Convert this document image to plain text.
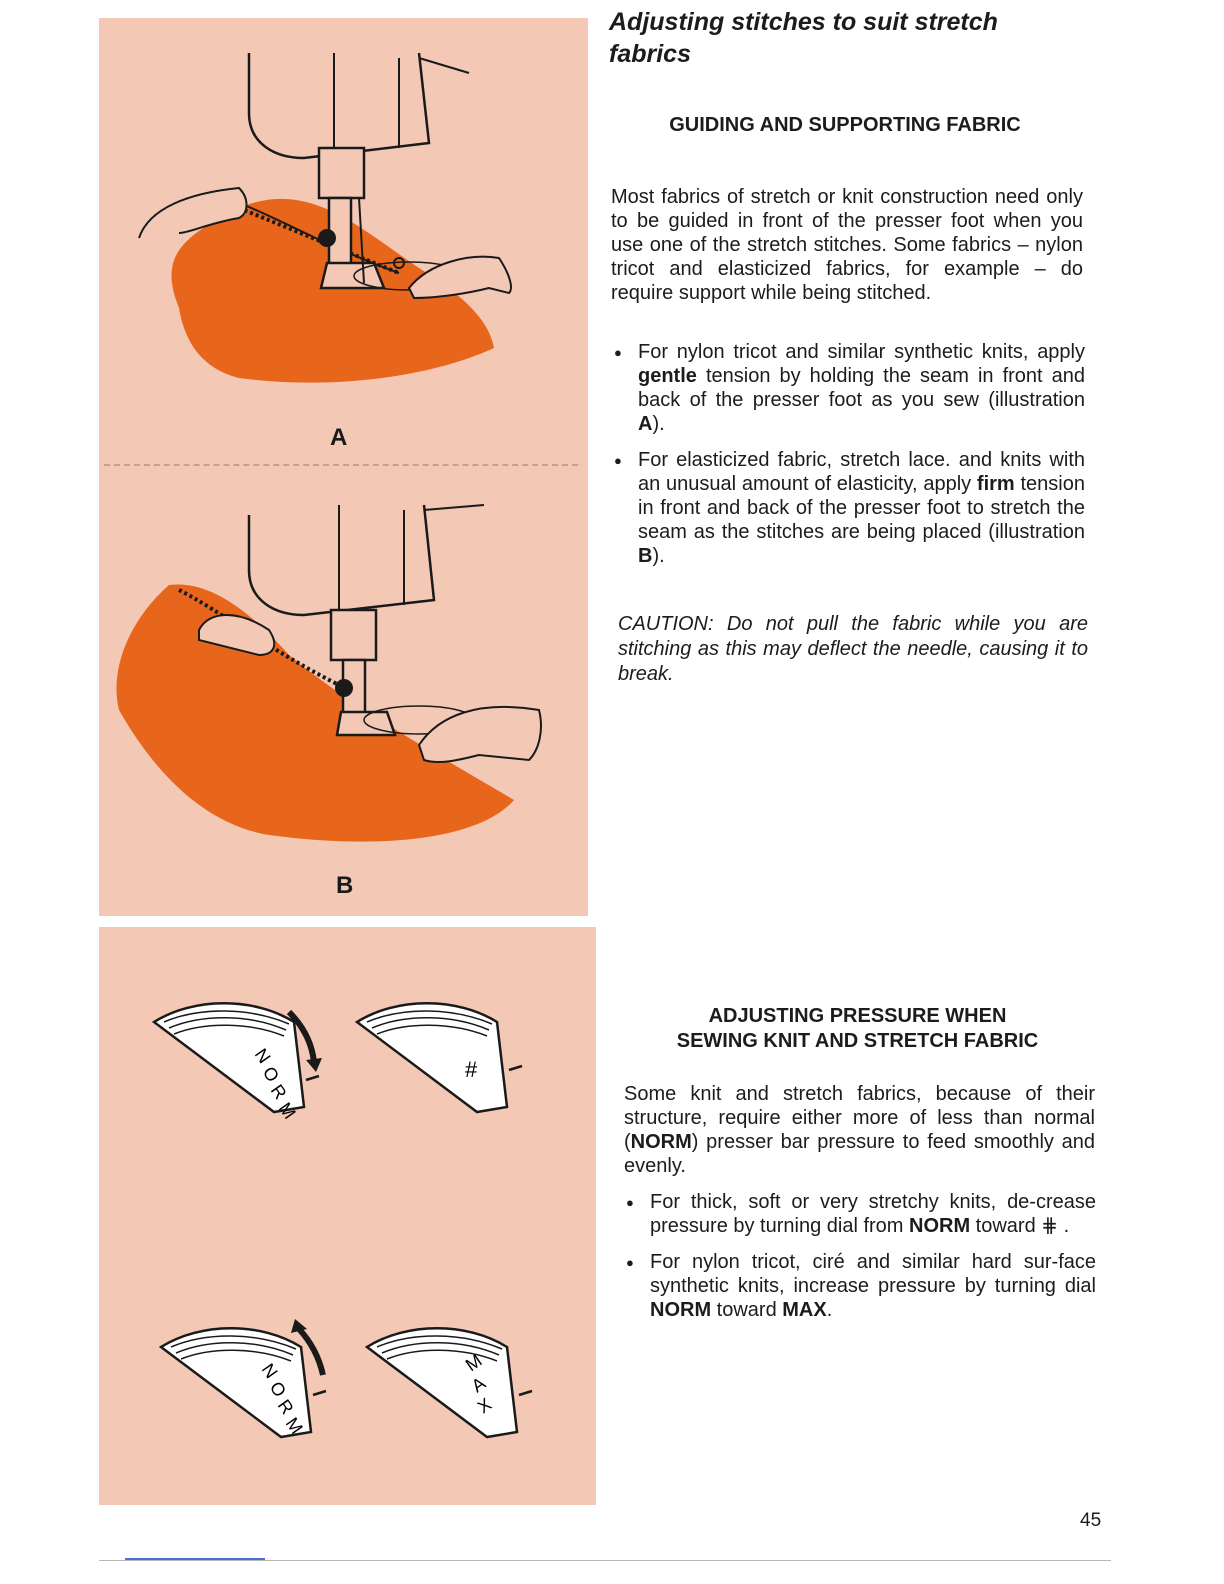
A
B
N
O
R
M
#
N
O
R
M
M
A
X
Adjusting stitches to suit stretch fabrics
GUIDING AND SUPPORTING FABRIC

Most fabrics of stretch or knit construction need only to be guided in front of the presser foot when you use one of the stretch stitches. Some fabrics – nylon tricot and elasticized fabrics, for example – do require support while being stitched.

● For nylon tricot and similar synthetic knits, apply gentle tension by holding the seam in front and back of the presser foot as you sew (illustration A).
● For elasticized fabric, stretch lace. and knits with an unusual amount of elasticity, apply firm tension in front and back of the presser foot to stretch the seam as the stitches are being placed (illustration B).

CAUTION: Do not pull the fabric while you are stitching as this may deflect the needle, causing it to break.

ADJUSTING PRESSURE WHEN
SEWING KNIT AND STRETCH FABRIC

Some knit and stretch fabrics, because of their structure, require either more of less than normal (NORM) presser bar pressure to feed smoothly and evenly.

● For thick, soft or very stretchy knits, de-crease pressure by turning dial from NORM toward ⋕ .
● For nylon tricot, ciré and similar hard sur-face synthetic knits, increase pressure by turning dial NORM toward MAX.
45
